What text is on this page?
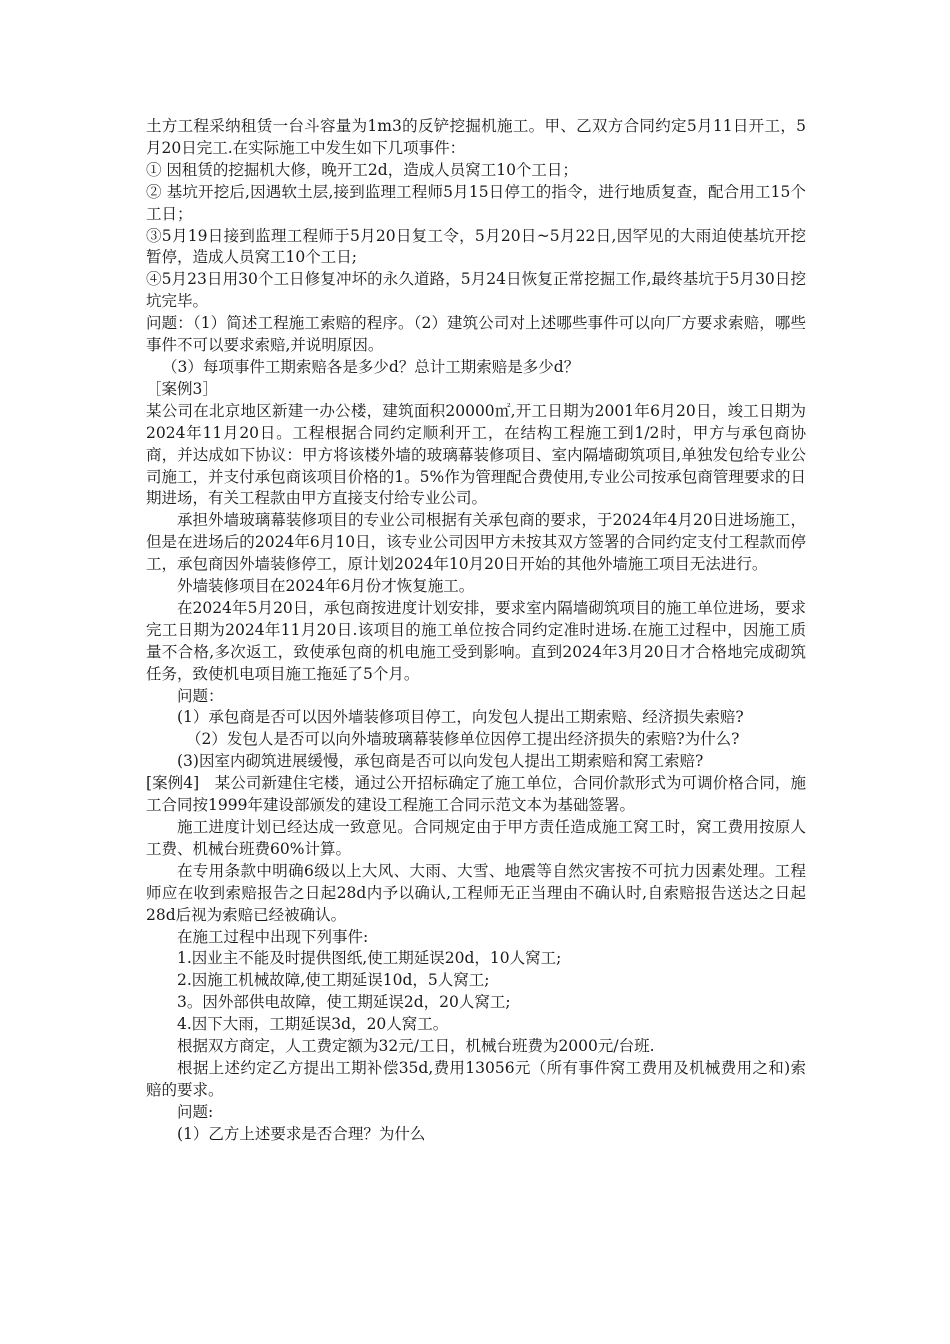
土方工程采纳租赁一台斗容量为1m3的反铲挖掘机施工。甲、乙双方合同约定5月11日开工，5月20日完工.在实际施工中发生如下几项事件：

① 因租赁的挖掘机大修，晚开工2d，造成人员窝工10个工日；

② 基坑开挖后,因遇软土层,接到监理工程师5月15日停工的指令，进行地质复查，配合用工15个工日；

③5月19日接到监理工程师于5月20日复工令，5月20日~5月22日,因罕见的大雨迫使基坑开挖暂停，造成人员窝工10个工日;

④5月23日用30个工日修复冲坏的永久道路，5月24日恢复正常挖掘工作,最终基坑于5月30日挖坑完毕。

问题：（1）简述工程施工索赔的程序。（2）建筑公司对上述哪些事件可以向厂方要求索赔，哪些事件不可以要求索赔,并说明原因。

（3）每项事件工期索赔各是多少d？总计工期索赔是多少d？

［案例3］

某公司在北京地区新建一办公楼，建筑面积20000㎡,开工日期为2001年6月20日，竣工日期为2024年11月20日。工程根据合同约定顺利开工，在结构工程施工到1/2时，甲方与承包商协商，并达成如下协议：甲方将该楼外墙的玻璃幕装修项目、室内隔墙砌筑项目,单独发包给专业公司施工，并支付承包商该项目价格的1。5%作为管理配合费使用,专业公司按承包商管理要求的日期进场，有关工程款由甲方直接支付给专业公司。

承担外墙玻璃幕装修项目的专业公司根据有关承包商的要求，于2024年4月20日进场施工，但是在进场后的2024年6月10日，该专业公司因甲方未按其双方签署的合同约定支付工程款而停工，承包商因外墙装修停工，原计划2024年10月20日开始的其他外墙施工项目无法进行。

外墙装修项目在2024年6月份才恢复施工。

在2024年5月20日，承包商按进度计划安排，要求室内隔墙砌筑项目的施工单位进场，要求完工日期为2024年11月20日.该项目的施工单位按合同约定准时进场.在施工过程中，因施工质量不合格,多次返工，致使承包商的机电施工受到影响。直到2024年3月20日才合格地完成砌筑任务，致使机电项目施工拖延了5个月。

问题：

(1）承包商是否可以因外墙装修项目停工，向发包人提出工期索赔、经济损失索赔?

（2）发包人是否可以向外墙玻璃幕装修单位因停工提出经济损失的索赔?为什么?

(3)因室内砌筑进展缓慢，承包商是否可以向发包人提出工期索赔和窝工索赔?

[案例4]　某公司新建住宅楼，通过公开招标确定了施工单位，合同价款形式为可调价格合同，施工合同按1999年建设部颁发的建设工程施工合同示范文本为基础签署。

施工进度计划已经达成一致意见。合同规定由于甲方责任造成施工窝工时，窝工费用按原人工费、机械台班费60%计算。

在专用条款中明确6级以上大风、大雨、大雪、地震等自然灾害按不可抗力因素处理。工程师应在收到索赔报告之日起28d内予以确认,工程师无正当理由不确认时,自索赔报告送达之日起28d后视为索赔已经被确认。

在施工过程中出现下列事件:

1.因业主不能及时提供图纸,使工期延误20d，10人窝工;

2.因施工机械故障,使工期延误10d，5人窝工;

3。因外部供电故障，使工期延误2d，20人窝工;

4.因下大雨，工期延误3d，20人窝工。

根据双方商定，人工费定额为32元/工日，机械台班费为2000元/台班.

根据上述约定乙方提出工期补偿35d,费用13056元（所有事件窝工费用及机械费用之和)索赔的要求。

问题:

(1）乙方上述要求是否合理？为什么
